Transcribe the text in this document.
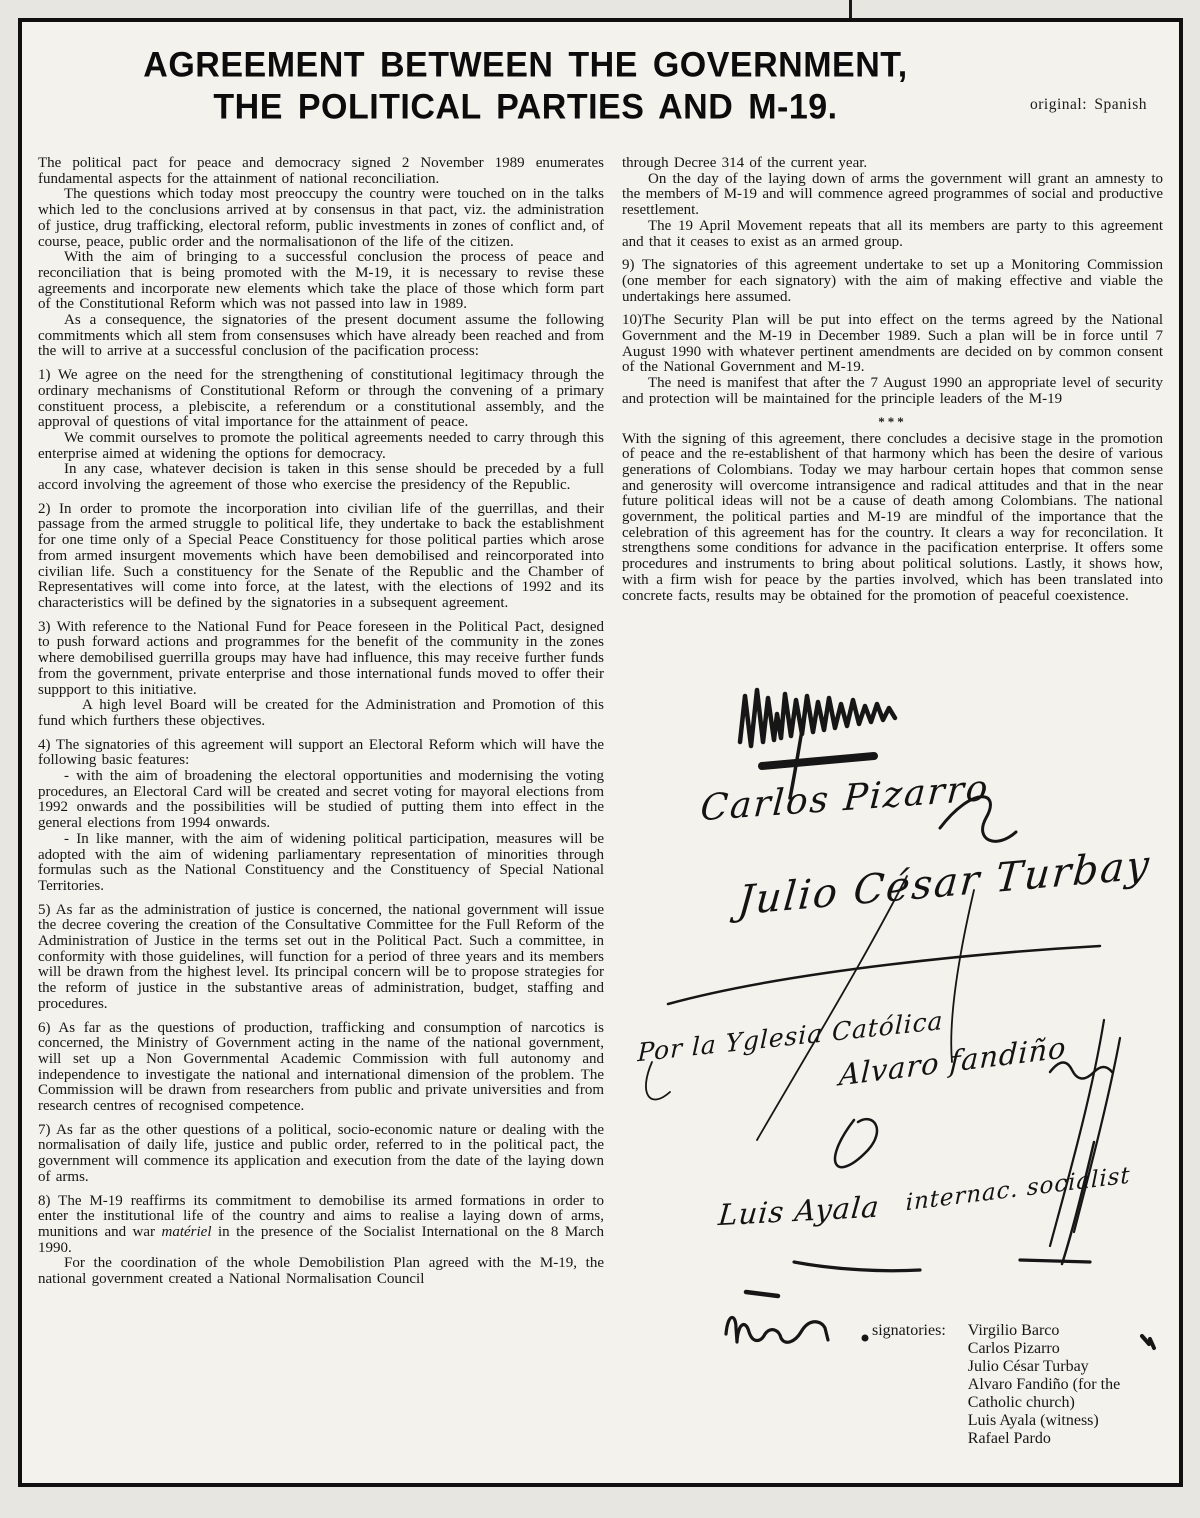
AGREEMENT BETWEEN THE GOVERNMENT,
THE POLITICAL PARTIES AND M-19.	original: Spanish

The political pact for peace and democracy signed 2 November 1989 enumerates fundamental aspects for the attainment of national reconciliation.

The questions which today most preoccupy the country were touched on in the talks which led to the conclusions arrived at by consensus in that pact, viz. the administration of justice, drug trafficking, electoral reform, public investments in zones of conflict and, of course, peace, public order and the normalisationon of the life of the citizen.

With the aim of bringing to a successful conclusion the process of peace and reconciliation that is being promoted with the M-19, it is necessary to revise these agreements and incorporate new elements which take the place of those which form part of the Constitutional Reform which was not passed into law in 1989.

As a consequence, the signatories of the present document assume the following commitments which all stem from consensuses which have already been reached and from the will to arrive at a successful conclusion of the pacification process:

1) We agree on the need for the strengthening of constitutional legitimacy through the ordinary mechanisms of Constitutional Reform or through the convening of a primary constituent process, a plebiscite, a referendum or a constitutional assembly, and the approval of questions of vital importance for the attainment of peace.

We commit ourselves to promote the political agreements needed to carry through this enterprise aimed at widening the options for democracy.

In any case, whatever decision is taken in this sense should be preceded by a full accord involving the agreement of those who exercise the presidency of the Republic.

2) In order to promote the incorporation into civilian life of the guerrillas, and their passage from the armed struggle to political life, they undertake to back the establishment for one time only of a Special Peace Constituency for those political parties which arose from armed insurgent movements which have been demobilised and reincorporated into civilian life. Such a constituency for the Senate of the Republic and the Chamber of Representatives will come into force, at the latest, with the elections of 1992 and its characteristics will be defined by the signatories in a subsequent agreement.

3) With reference to the National Fund for Peace foreseen in the Political Pact, designed to push forward actions and programmes for the benefit of the community in the zones where demobilised guerrilla groups may have had influence, this may receive further funds from the government, private enterprise and those international funds moved to offer their suppport to this initiative.

A high level Board will be created for the Administration and Promotion of this fund which furthers these objectives.

4) The signatories of this agreement will support an Electoral Reform which will have the following basic features:

- with the aim of broadening the electoral opportunities and modernising the voting procedures, an Electoral Card will be created and secret voting for mayoral elections from 1992 onwards and the possibilities will be studied of putting them into effect in the general elections from 1994 onwards.

- In like manner, with the aim of widening political participation, measures will be adopted with the aim of widening parliamentary representation of minorities through formulas such as the National Constituency and the Constituency of Special National Territories.

5) As far as the administration of justice is concerned, the national government will issue the decree covering the creation of the Consultative Committee for the Full Reform of the Administration of Justice in the terms set out in the Political Pact. Such a committee, in conformity with those guidelines, will function for a period of three years and its members will be drawn from the highest level. Its principal concern will be to propose strategies for the reform of justice in the substantive areas of administration, budget, staffing and procedures.

6) As far as the questions of production, trafficking and consumption of narcotics is concerned, the Ministry of Government acting in the name of the national government, will set up a Non Governmental Academic Commission with full autonomy and independence to investigate the national and international dimension of the problem. The Commission will be drawn from researchers from public and private universities and from research centres of recognised competence.

7) As far as the other questions of a political, socio-economic nature or dealing with the normalisation of daily life, justice and public order, referred to in the political pact, the government will commence its application and execution from the date of the laying down of arms.

8) The M-19 reaffirms its commitment to demobilise its armed formations in order to enter the institutional life of the country and aims to realise a laying down of arms, munitions and war matériel in the presence of the Socialist International on the 8 March 1990.

For the coordination of the whole Demobilistion Plan agreed with the M-19, the national government created a National Normalisation Council

through Decree 314 of the current year.

On the day of the laying down of arms the government will grant an amnesty to the members of M-19 and will commence agreed programmes of social and productive resettlement.

The 19 April Movement repeats that all its members are party to this agreement and that it ceases to exist as an armed group.

9) The signatories of this agreement undertake to set up a Monitoring Commission (one member for each signatory) with the aim of making effective and viable the undertakings here assumed.

10)The Security Plan will be put into effect on the terms agreed by the National Government and the M-19 in December 1989. Such a plan will be in force until 7 August 1990 with whatever pertinent amendments are decided on by common consent of the National Government and M-19.

The need is manifest that after the 7 August 1990 an appropriate level of security and protection will be maintained for the principle leaders of the M-19

***

With the signing of this agreement, there concludes a decisive stage in the promotion of peace and the re-establishent of that harmony which has been the desire of various generations of Colombians. Today we may harbour certain hopes that common sense and generosity will overcome intransigence and radical attitudes and that in the near future political ideas will not be a cause of death among Colombians. The national government, the political parties and M-19 are mindful of the importance that the celebration of this agreement has for the country. It clears a way for reconcilation. It strengthens some conditions for advance in the pacification enterprise. It offers some procedures and instruments to bring about political solutions. Lastly, it shows how, with a firm wish for peace by the parties involved, which has been translated into concrete facts, results may be obtained for the promotion of peaceful coexistence.

Carlos Pizarro
Julio César Turbay
Por la Yglesia Católica
Alvaro fandiño
Luis Ayala internac. socialist
signatories: Virgilio Barco
Carlos Pizarro
Julio César Turbay
Alvaro Fandiño (for the
Catholic church)
Luis Ayala (witness)
Rafael Pardo
